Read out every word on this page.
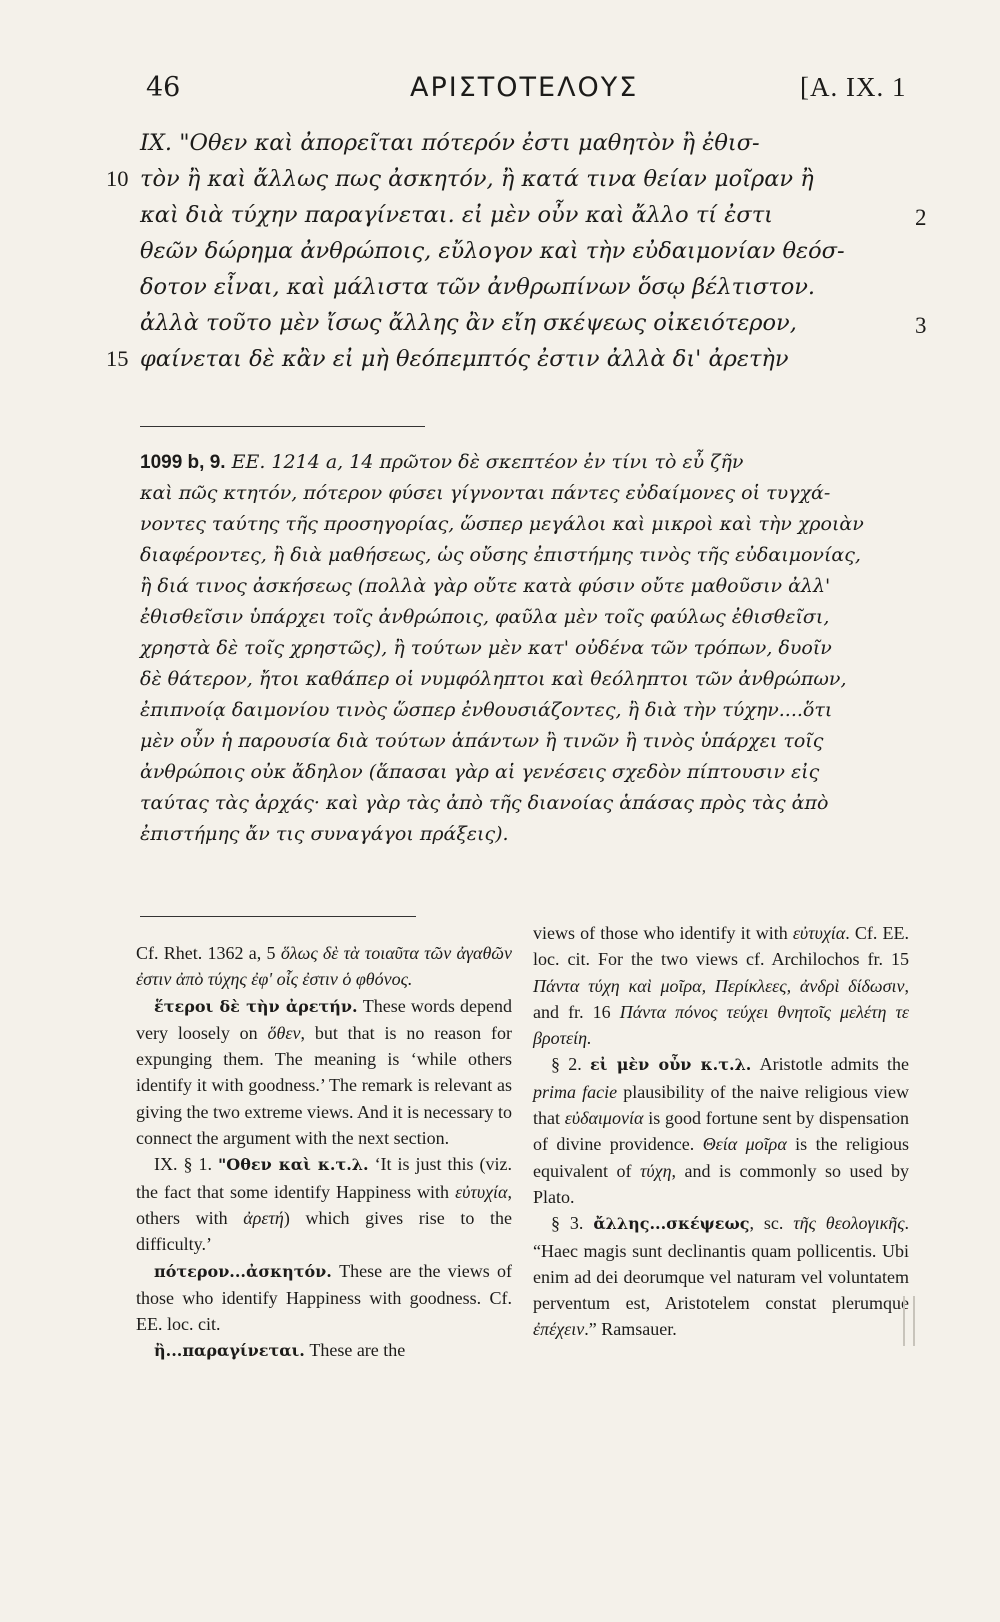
46	ΑΡΙΣΤΟΤΕΛΟΥΣ	[A. IX. 1
IX. "Οθεν καὶ ἀπορεῖται πότερόν ἐστι μαθητὸν ἢ ἐθισ-
10 τὸν ἢ καὶ ἄλλως πως ἀσκητόν, ἢ κατά τινα θείαν μοῖραν ἢ
καὶ διὰ τύχην παραγίνεται. εἰ μὲν οὖν καὶ ἄλλο τί ἐστι	2
θεῶν δώρημα ἀνθρώποις, εὔλογον καὶ τὴν εὐδαιμονίαν θεόσ-
δοτον εἶναι, καὶ μάλιστα τῶν ἀνθρωπίνων ὅσῳ βέλτιστον.
ἀλλὰ τοῦτο μὲν ἴσως ἄλλης ἂν εἴη σκέψεως οἰκειότερον,	3
15 φαίνεται δὲ κἂν εἰ μὴ θεόπεμπτός ἐστιν ἀλλὰ δι' ἀρετὴν
1099 b, 9. EE. 1214 a, 14 πρῶτον δὲ σκεπτέον ἐν τίνι τὸ εὖ ζῆν
καὶ πῶς κτητόν, πότερον φύσει γίγνονται πάντες εὐδαίμονες οἱ τυγχά-
νοντες ταύτης τῆς προσηγορίας, ὥσπερ μεγάλοι καὶ μικροὶ καὶ τὴν χροιὰν
διαφέροντες, ἢ διὰ μαθήσεως, ὡς οὔσης ἐπιστήμης τινὸς τῆς εὐδαιμονίας,
ἢ διά τινος ἀσκήσεως (πολλὰ γὰρ οὔτε κατὰ φύσιν οὔτε μαθοῦσιν ἀλλ'
ἐθισθεῖσιν ὑπάρχει τοῖς ἀνθρώποις, φαῦλα μὲν τοῖς φαύλως ἐθισθεῖσι,
χρηστὰ δὲ τοῖς χρηστῶς), ἢ τούτων μὲν κατ' οὐδένα τῶν τρόπων, δυοῖν
δὲ θάτερον, ἤτοι καθάπερ οἱ νυμφόληπτοι καὶ θεόληπτοι τῶν ἀνθρώπων,
ἐπιπνοίᾳ δαιμονίου τινὸς ὥσπερ ἐνθουσιάζοντες, ἢ διὰ τὴν τύχην....ὅτι
μὲν οὖν ἡ παρουσία διὰ τούτων ἁπάντων ἢ τινῶν ἢ τινὸς ὑπάρχει τοῖς
ἀνθρώποις οὐκ ἄδηλον (ἅπασαι γὰρ αἱ γενέσεις σχεδὸν πίπτουσιν εἰς
ταύτας τὰς ἀρχάς· καὶ γὰρ τὰς ἀπὸ τῆς διανοίας ἁπάσας πρὸς τὰς ἀπὸ
ἐπιστήμης ἄν τις συναγάγοι πράξεις).

Cf. Rhet. 1362 a, 5 ὅλως δὲ τὰ τοιαῦτα τῶν ἀγαθῶν ἐστιν ἀπὸ τύχης ἐφ' οἷς ἐστιν ὁ φθόνος.

ἕτεροι δὲ τὴν ἀρετήν. These words depend very loosely on ὅθεν, but that is no reason for expunging them. The meaning is ‘while others identify it with goodness.’ The remark is relevant as giving the two extreme views. And it is necessary to connect the argument with the next section.

IX. § 1. "Οθεν καὶ κ.τ.λ. ‘It is just this (viz. the fact that some identify Happiness with εὐτυχία, others with ἀρετή) which gives rise to the difficulty.’

πότερον...ἀσκητόν. These are the views of those who identify Happiness with goodness. Cf. EE. loc. cit.

ἢ...παραγίνεται. These are the

views of those who identify it with εὐτυχία. Cf. EE. loc. cit. For the two views cf. Archilochos fr. 15 Πάντα τύχη καὶ μοῖρα, Περίκλεες, ἀνδρὶ δίδωσιν, and fr. 16 Πάντα πόνος τεύχει θνητοῖς μελέτη τε βροτείη.

§ 2. εἰ μὲν οὖν κ.τ.λ. Aristotle admits the prima facie plausibility of the naive religious view that εὐδαιμονία is good fortune sent by dispensation of divine providence. Θεία μοῖρα is the religious equivalent of τύχη, and is commonly so used by Plato.

§ 3. ἄλλης...σκέψεως, sc. τῆς θεολογικῆς. “Haec magis sunt declinantis quam pollicentis. Ubi enim ad dei deorumque vel naturam vel voluntatem perventum est, Aristotelem constat plerumque ἐπέχειν.” Ramsauer.
